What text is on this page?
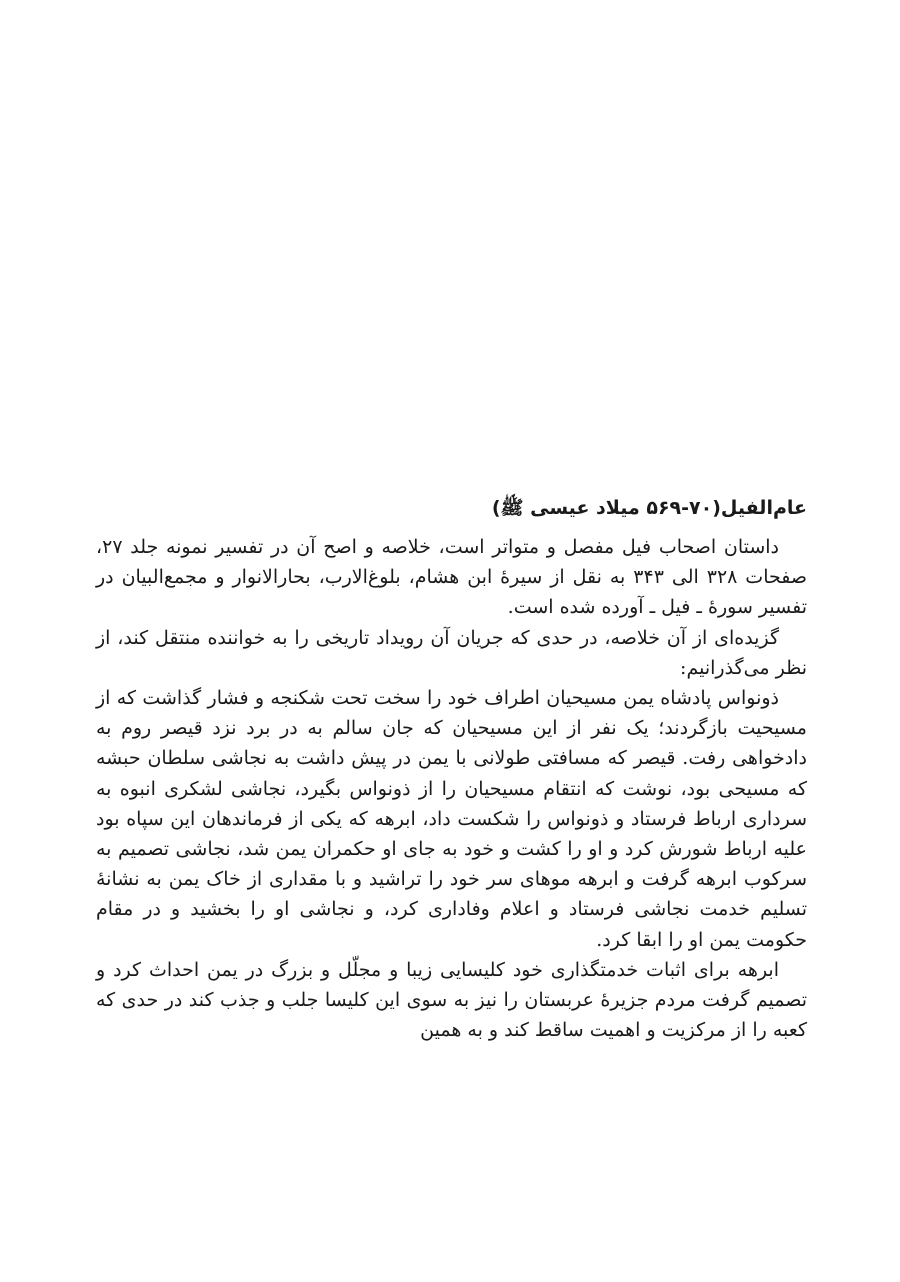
عام‌الفیل(۷۰-۵۶۹ میلاد عیسی ﷺ)

داستان اصحاب فیل مفصل و متواتر است، خلاصه و اصح آن در تفسیر نمونه جلد ۲۷، صفحات ۳۲۸ الی ۳۴۳ به نقل از سیرهٔ ابن هشام، بلوغ‌الارب، بحارالانوار و مجمع‌البیان در تفسیر سورهٔ ـ فیل ـ آورده شده است.

گزیده‌ای از آن خلاصه، در حدی که جریان آن رویداد تاریخی را به خواننده منتقل کند، از نظر می‌گذرانیم:

ذونواس پادشاه یمن مسیحیان اطراف خود را سخت تحت شکنجه و فشار گذاشت که از مسیحیت بازگردند؛ یک نفر از این مسیحیان که جان سالم به در برد نزد قیصر روم به دادخواهی رفت. قیصر که مسافتی طولانی با یمن در پیش داشت به نجاشی سلطان حبشه که مسیحی بود، نوشت که انتقام مسیحیان را از ذونواس بگیرد، نجاشی لشکری انبوه به سرداری ارباط فرستاد و ذونواس را شکست داد، ابرهه که یکی از فرماندهان این سپاه بود علیه ارباط شورش کرد و او را کشت و خود به جای او حکمران یمن شد، نجاشی تصمیم به سرکوب ابرهه گرفت و ابرهه موهای سر خود را تراشید و با مقداری از خاک یمن به نشانهٔ تسلیم خدمت نجاشی فرستاد و اعلام وفاداری کرد، و نجاشی او را بخشید و در مقام حکومت یمن او را ابقا کرد.

ابرهه برای اثبات خدمتگذاری خود کلیسایی زیبا و مجلّل و بزرگ در یمن احداث کرد و تصمیم گرفت مردم جزیرهٔ عربستان را نیز به سوی این کلیسا جلب و جذب کند در حدی که کعبه را از مرکزیت و اهمیت ساقط کند و به همین
